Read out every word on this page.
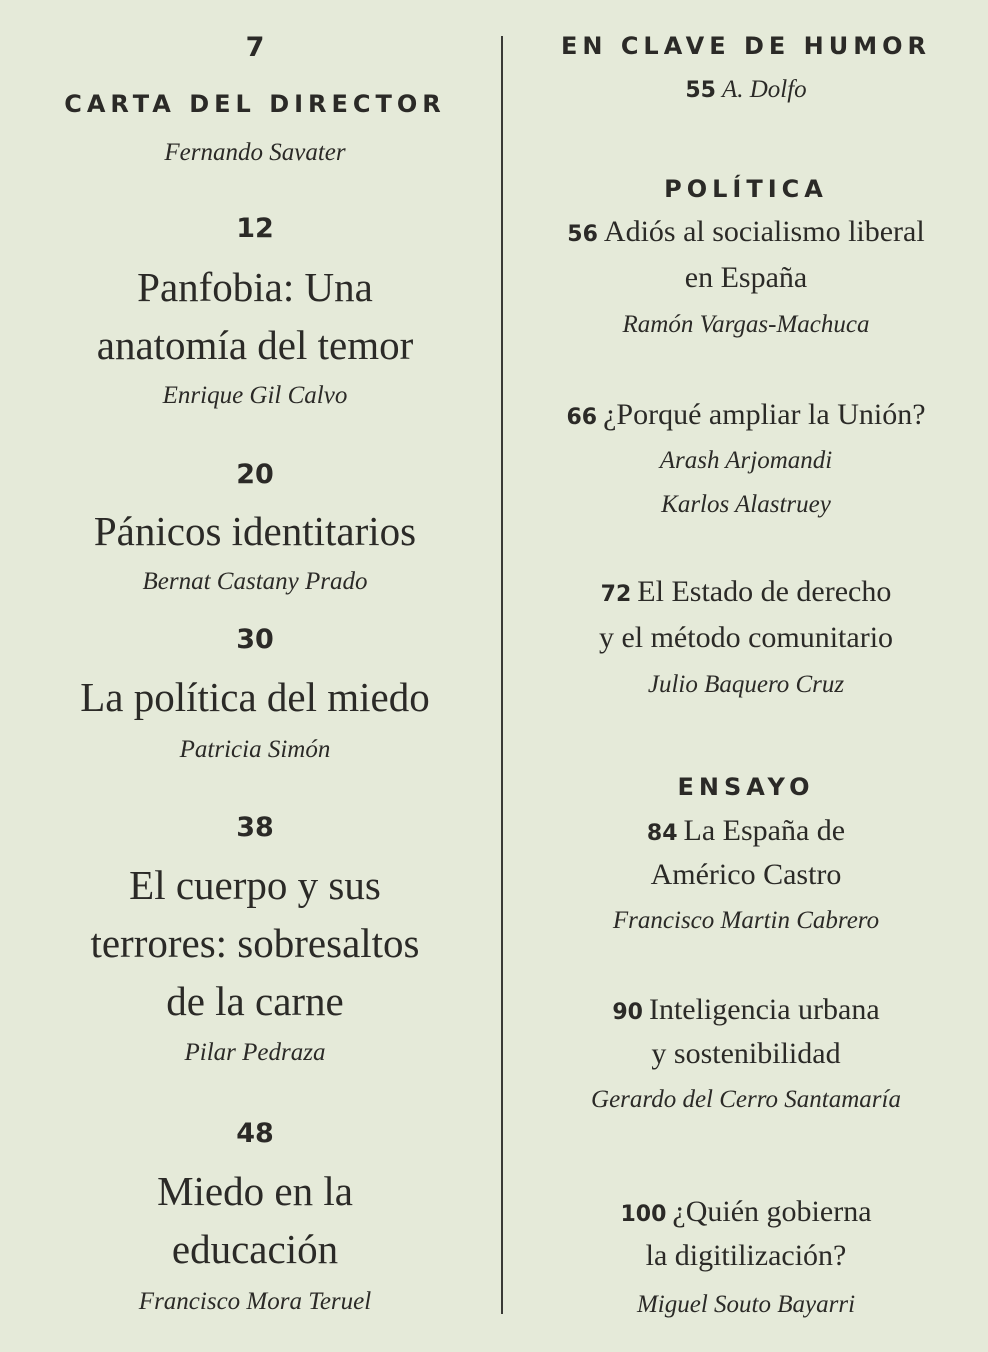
7
CARTA DEL DIRECTOR
Fernando Savater
12
Panfobia: Una
anatomía del temor
Enrique Gil Calvo
20
Pánicos identitarios
Bernat Castany Prado
30
La política del miedo
Patricia Simón
38
El cuerpo y sus
terrores: sobresaltos
de la carne
Pilar Pedraza
48
Miedo en la
educación
Francisco Mora Teruel
EN CLAVE DE HUMOR
55 A. Dolfo
POLÍTICA
56 Adiós al socialismo liberal
en España
Ramón Vargas-Machuca
66 ¿Porqué ampliar la Unión?
Arash Arjomandi
Karlos Alastruey
72 El Estado de derecho
y el método comunitario
Julio Baquero Cruz
ENSAYO
84 La España de
Américo Castro
Francisco Martin Cabrero
90 Inteligencia urbana
y sostenibilidad
Gerardo del Cerro Santamaría
100 ¿Quién gobierna
la digitilización?
Miguel Souto Bayarri
